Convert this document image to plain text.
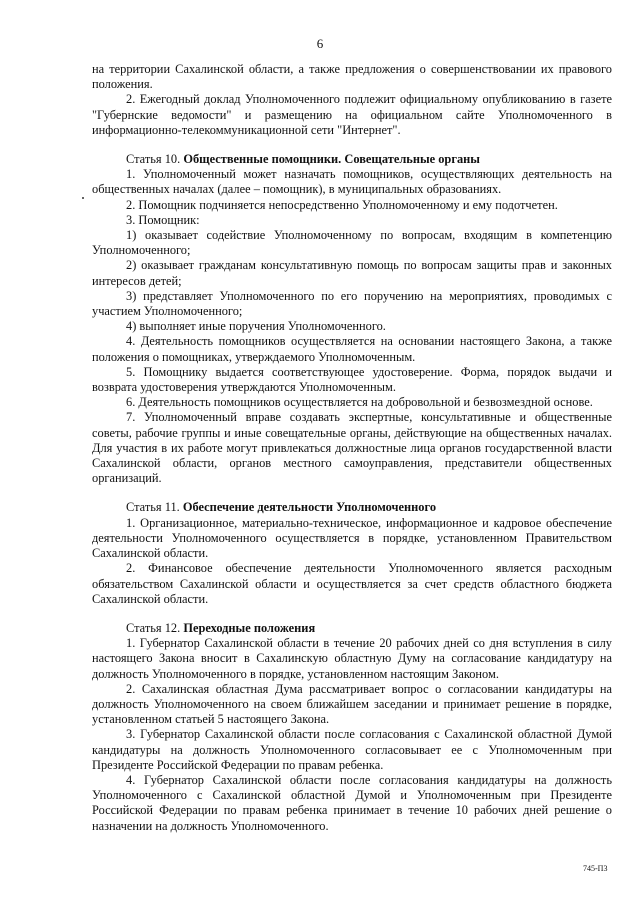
6

на территории Сахалинской области, а также предложения о совершенствовании их правового положения.

2. Ежегодный доклад Уполномоченного подлежит официальному опубликованию в газете "Губернские ведомости" и размещению на официальном сайте Уполномоченного в информационно-телекоммуникационной сети "Интернет".

Статья 10. Общественные помощники. Совещательные органы

1. Уполномоченный может назначать помощников, осуществляющих деятельность на общественных началах (далее – помощник), в муниципальных образованиях.

2. Помощник подчиняется непосредственно Уполномоченному и ему подотчетен.

3. Помощник:

1) оказывает содействие Уполномоченному по вопросам, входящим в компетенцию Уполномоченного;

2) оказывает гражданам консультативную помощь по вопросам защиты прав и законных интересов детей;

3) представляет Уполномоченного по его поручению на мероприятиях, проводимых с участием Уполномоченного;

4) выполняет иные поручения Уполномоченного.

4. Деятельность помощников осуществляется на основании настоящего Закона, а также положения о помощниках, утверждаемого Уполномоченным.

5. Помощнику выдается соответствующее удостоверение. Форма, порядок выдачи и возврата удостоверения утверждаются Уполномоченным.

6. Деятельность помощников осуществляется на добровольной и безвозмездной основе.

7. Уполномоченный вправе создавать экспертные, консультативные и общественные советы, рабочие группы и иные совещательные органы, действующие на общественных началах. Для участия в их работе могут привлекаться должностные лица органов государственной власти Сахалинской области, органов местного самоуправления, представители общественных организаций.

Статья 11. Обеспечение деятельности Уполномоченного

1. Организационное, материально-техническое, информационное и кадровое обеспечение деятельности Уполномоченного осуществляется в порядке, установленном Правительством Сахалинской области.

2. Финансовое обеспечение деятельности Уполномоченного является расходным обязательством Сахалинской области и осуществляется за счет средств областного бюджета Сахалинской области.

Статья 12. Переходные положения

1. Губернатор Сахалинской области в течение 20 рабочих дней со дня вступления в силу настоящего Закона вносит в Сахалинскую областную Думу на согласование кандидатуру на должность Уполномоченного в порядке, установленном настоящим Законом.

2. Сахалинская областная Дума рассматривает вопрос о согласовании кандидатуры на должность Уполномоченного на своем ближайшем заседании и принимает решение в порядке, установленном статьей 5 настоящего Закона.

3. Губернатор Сахалинской области после согласования с Сахалинской областной Думой кандидатуры на должность Уполномоченного согласовывает ее с Уполномоченным при Президенте Российской Федерации по правам ребенка.

4. Губернатор Сахалинской области после согласования кандидатуры на должность Уполномоченного с Сахалинской областной Думой и Уполномоченным при Президенте Российской Федерации по правам ребенка принимает в течение 10 рабочих дней решение о назначении на должность Уполномоченного.

745-П3
